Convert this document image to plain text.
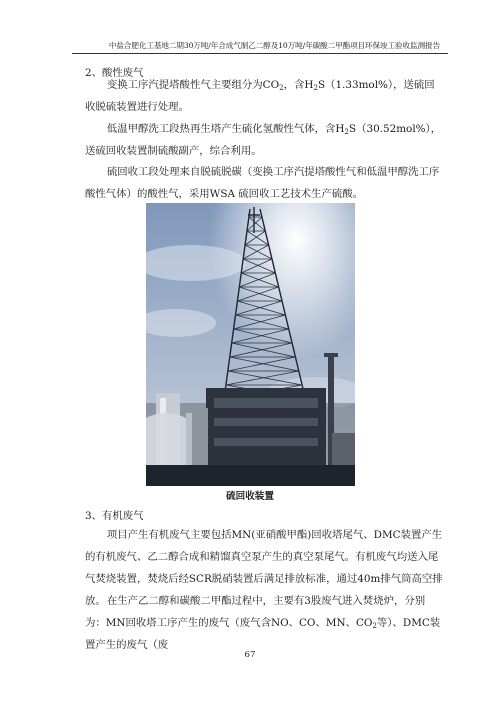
中盐合肥化工基地二期30万吨/年合成气制乙二醇及10万吨/年碳酸二甲酯项目环保竣工验收监测报告
2、酸性废气

变换工序汽提塔酸性气主要组分为$CO_2$，含$H_2S(1.33mol\%)$，送硫回收脱硫装置进行处理。

低温甲醇洗工段热再生塔产生硫化氢酸性气体，含$H_2S(30.52mol\%)$，送硫回收装置制硫酸副产，综合利用。

硫回收工段处理来自脱硫脱碳（变换工序汽提塔酸性气和低温甲醇洗工序酸性气体）的酸性气，采用WSA 硫回收工艺技术生产硫酸。

硫回收装置
3、有机废气

项目产生有机废气主要包括MN(亚硝酸甲酯)回收塔尾气、DMC装置产生的有机废气、乙二醇合成和精馏真空泵产生的真空泵尾气。有机废气均送入尾气焚烧装置，焚烧后经SCR脱硝装置后满足排放标准，通过40m排气筒高空排放。 在生产乙二醇和碳酸二甲酯过程中，主要有3股废气进入焚烧炉，分别为：MN回收塔工序产生的废气（废气含NO、CO、MN、$CO_2$等）、DMC装置产生的废气（废

67
